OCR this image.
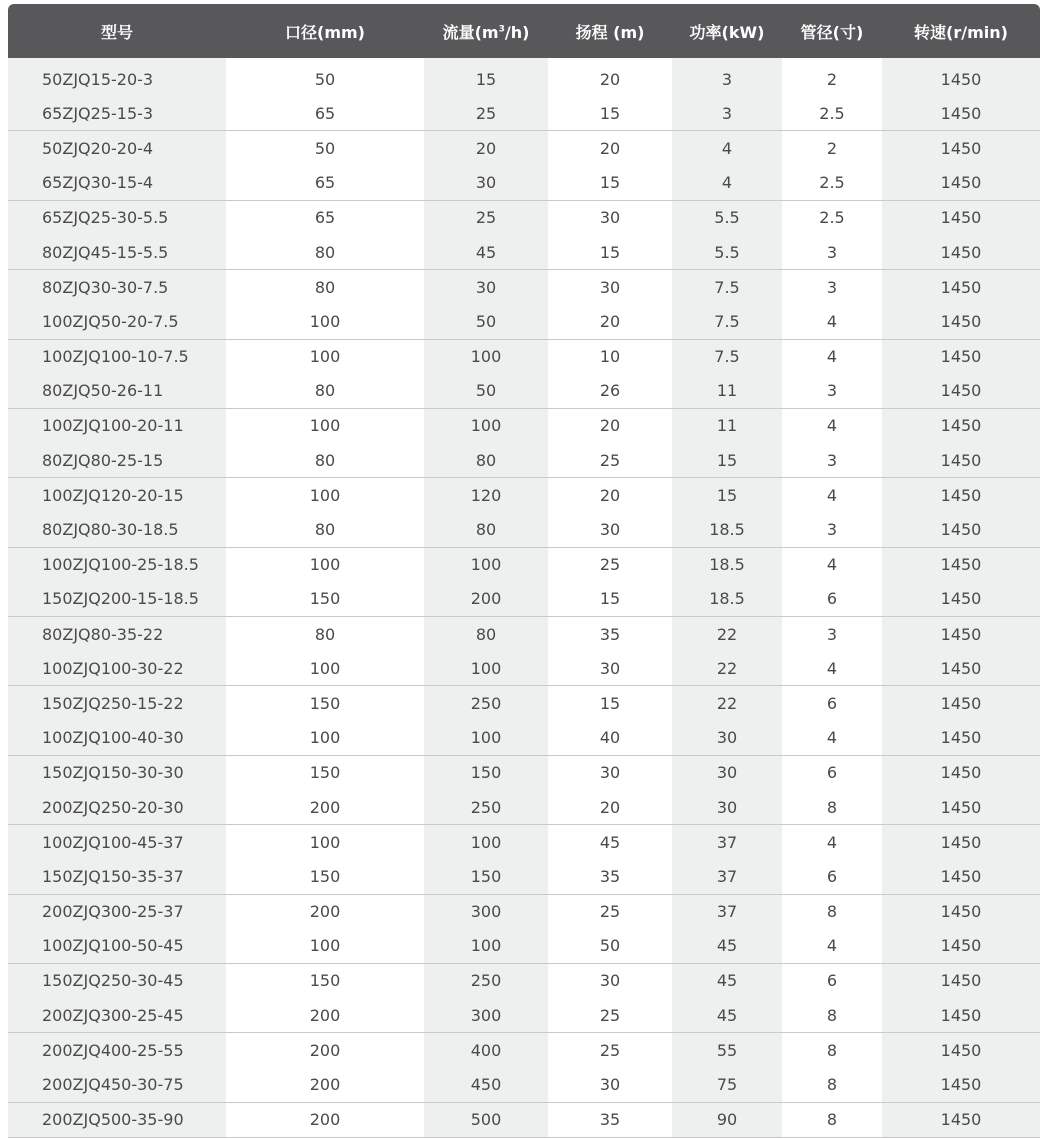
型号	口径(mm)	流量$(m^3/h)$	扬程 (m)	功率(kW)	管径(寸)	转速(r/min)

50ZJQ15-20-3	50	15	20	3	2	1450
65ZJQ25-15-3	65	25	15	3	2.5	1450
50ZJQ20-20-4	50	20	20	4	2	1450
65ZJQ30-15-4	65	30	15	4	2.5	1450
65ZJQ25-30-5.5	65	25	30	5.5	2.5	1450
80ZJQ45-15-5.5	80	45	15	5.5	3	1450
80ZJQ30-30-7.5	80	30	30	7.5	3	1450
100ZJQ50-20-7.5	100	50	20	7.5	4	1450
100ZJQ100-10-7.5	100	100	10	7.5	4	1450
80ZJQ50-26-11	80	50	26	11	3	1450
100ZJQ100-20-11	100	100	20	11	4	1450
80ZJQ80-25-15	80	80	25	15	3	1450
100ZJQ120-20-15	100	120	20	15	4	1450
80ZJQ80-30-18.5	80	80	30	18.5	3	1450
100ZJQ100-25-18.5	100	100	25	18.5	4	1450
150ZJQ200-15-18.5	150	200	15	18.5	6	1450
80ZJQ80-35-22	80	80	35	22	3	1450
100ZJQ100-30-22	100	100	30	22	4	1450
150ZJQ250-15-22	150	250	15	22	6	1450
100ZJQ100-40-30	100	100	40	30	4	1450
150ZJQ150-30-30	150	150	30	30	6	1450
200ZJQ250-20-30	200	250	20	30	8	1450
100ZJQ100-45-37	100	100	45	37	4	1450
150ZJQ150-35-37	150	150	35	37	6	1450
200ZJQ300-25-37	200	300	25	37	8	1450
100ZJQ100-50-45	100	100	50	45	4	1450
150ZJQ250-30-45	150	250	30	45	6	1450
200ZJQ300-25-45	200	300	25	45	8	1450
200ZJQ400-25-55	200	400	25	55	8	1450
200ZJQ450-30-75	200	450	30	75	8	1450
200ZJQ500-35-90	200	500	35	90	8	1450
